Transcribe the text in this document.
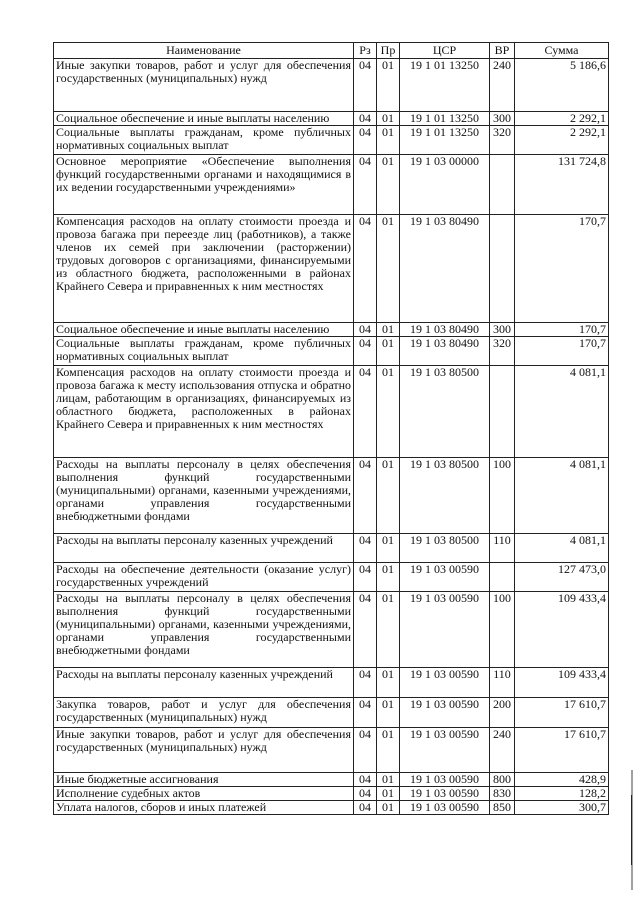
Наименование	Рз	Пр	ЦСР	ВР	Сумма
Иные закупки товаров, работ и услуг для обеспечения государственных (муниципальных) нужд	04	01	19 1 01 13250	240	5 186,6
Социальное обеспечение и иные выплаты населению	04	01	19 1 01 13250	300	2 292,1
Социальные выплаты гражданам, кроме публичных нормативных социальных выплат	04	01	19 1 01 13250	320	2 292,1
Основное мероприятие «Обеспечение выполнения функций государственными органами и находящимися в их ведении государственными учреждениями»	04	01	19 1 03 00000		131 724,8
Компенсация расходов на оплату стоимости проезда и провоза багажа при переезде лиц (работников), а также членов их семей при заключении (расторжении) трудовых договоров с организациями, финансируемыми из областного бюджета, расположенными в районах Крайнего Севера и приравненных к ним местностях	04	01	19 1 03 80490		170,7
Социальное обеспечение и иные выплаты населению	04	01	19 1 03 80490	300	170,7
Социальные выплаты гражданам, кроме публичных нормативных социальных выплат	04	01	19 1 03 80490	320	170,7
Компенсация расходов на оплату стоимости проезда и провоза багажа к месту использования отпуска и обратно лицам, работающим в организациях, финансируемых из областного бюджета, расположенных в районах Крайнего Севера и приравненных к ним местностях	04	01	19 1 03 80500		4 081,1
Расходы на выплаты персоналу в целях обеспечения выполнения функций государственными (муниципальными) органами, казенными учреждениями, органами управления государственными внебюджетными фондами	04	01	19 1 03 80500	100	4 081,1
Расходы на выплаты персоналу казенных учреждений	04	01	19 1 03 80500	110	4 081,1
Расходы на обеспечение деятельности (оказание услуг) государственных учреждений	04	01	19 1 03 00590		127 473,0
Расходы на выплаты персоналу в целях обеспечения выполнения функций государственными (муниципальными) органами, казенными учреждениями, органами управления государственными внебюджетными фондами	04	01	19 1 03 00590	100	109 433,4
Расходы на выплаты персоналу казенных учреждений	04	01	19 1 03 00590	110	109 433,4
Закупка товаров, работ и услуг для обеспечения государственных (муниципальных) нужд	04	01	19 1 03 00590	200	17 610,7
Иные закупки товаров, работ и услуг для обеспечения государственных (муниципальных) нужд	04	01	19 1 03 00590	240	17 610,7
Иные бюджетные ассигнования	04	01	19 1 03 00590	800	428,9
Исполнение судебных актов	04	01	19 1 03 00590	830	128,2
Уплата налогов, сборов и иных платежей	04	01	19 1 03 00590	850	300,7
